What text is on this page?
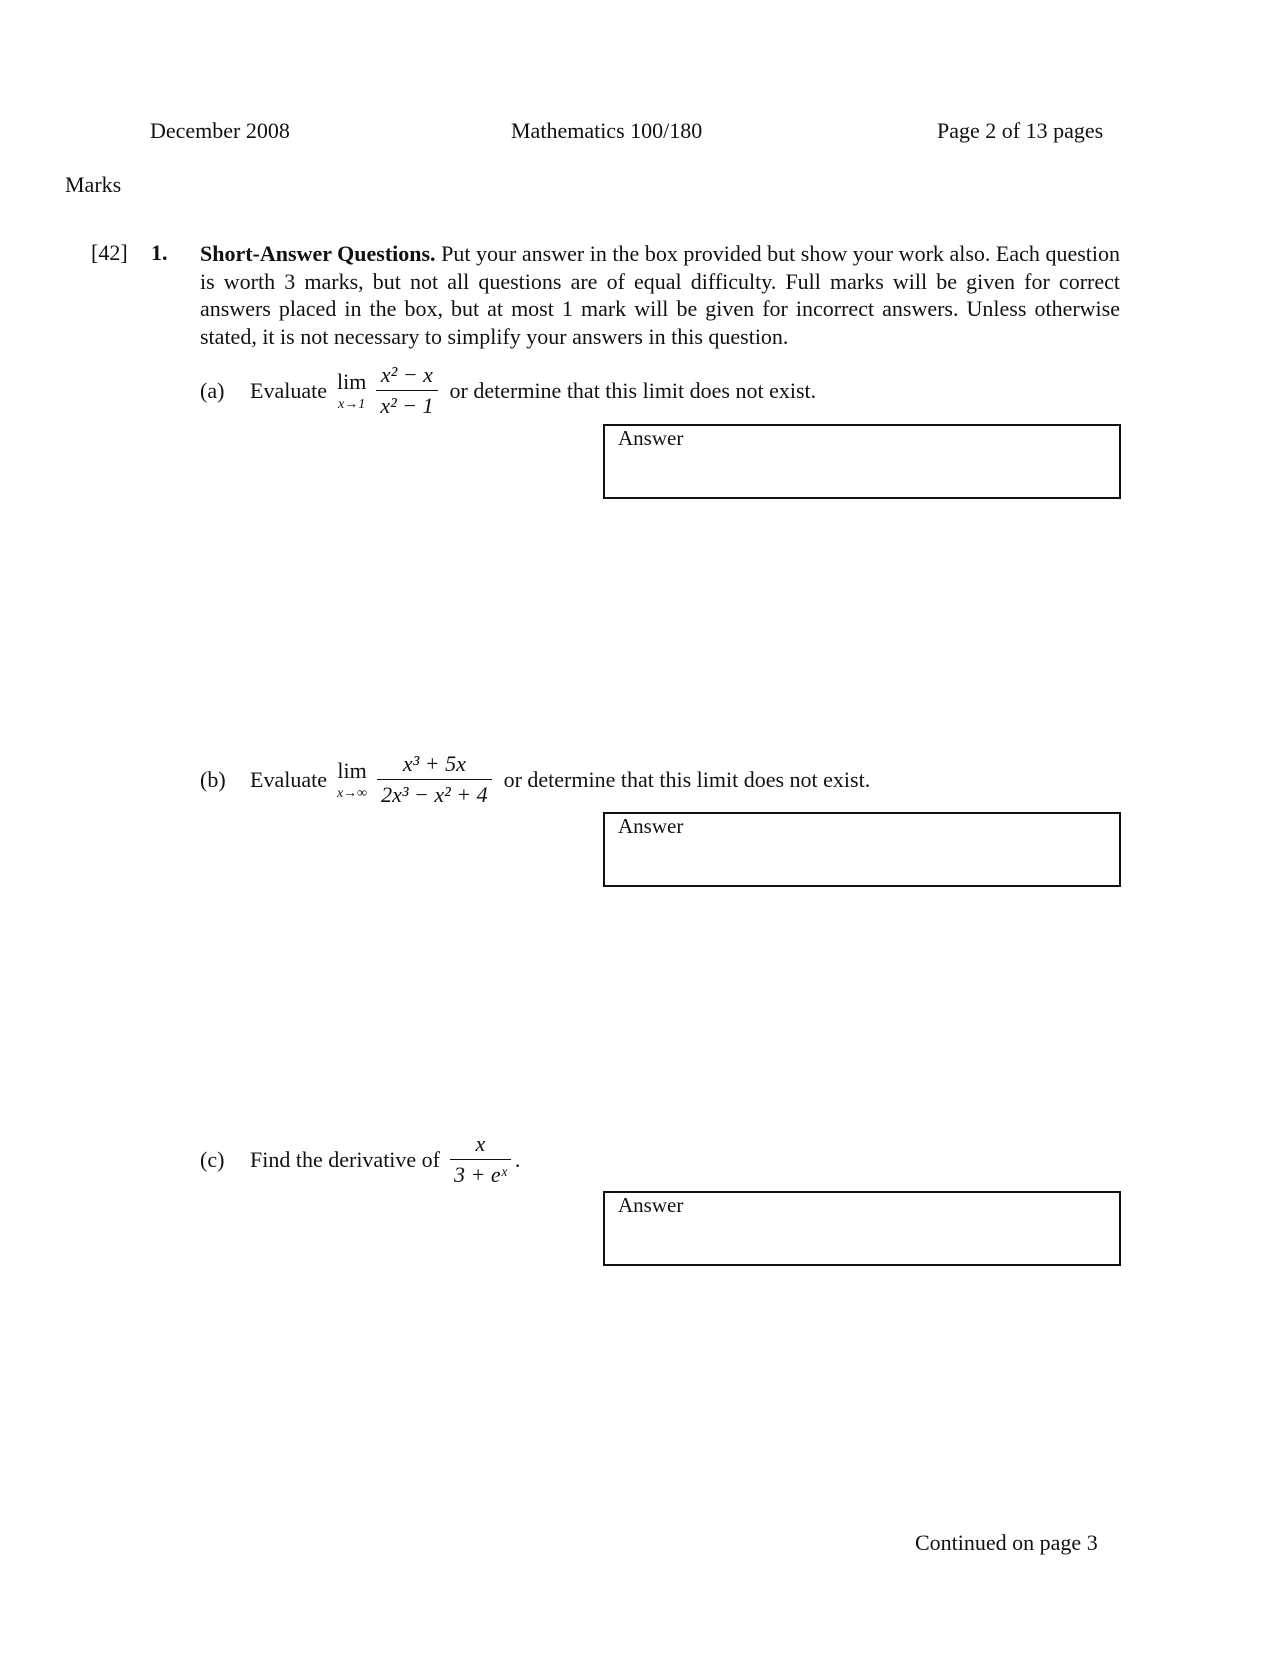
December 2008	Mathematics 100/180	Page 2 of 13 pages
Marks
[42] 1. Short-Answer Questions. Put your answer in the box provided but show your work also. Each question is worth 3 marks, but not all questions are of equal difficulty. Full marks will be given for correct answers placed in the box, but at most 1 mark will be given for incorrect answers. Unless otherwise stated, it is not necessary to simplify your answers in this question.
(a)	Evaluate lim
$x\to 1 \frac{\text{x² − x}}{\text{x² − 1}}$ or determine that this limit does not exist.
Answer
(b)	Evaluate lim
$x\to\infty \frac{\text{x³ + 5x}}{\text{2x³ − x² + 4}}$ or determine that this limit does not exist.
Answer
(c)	Find the derivative of $\frac{x}{\text{3 + eˣ}}$ .
Answer
Continued on page 3
